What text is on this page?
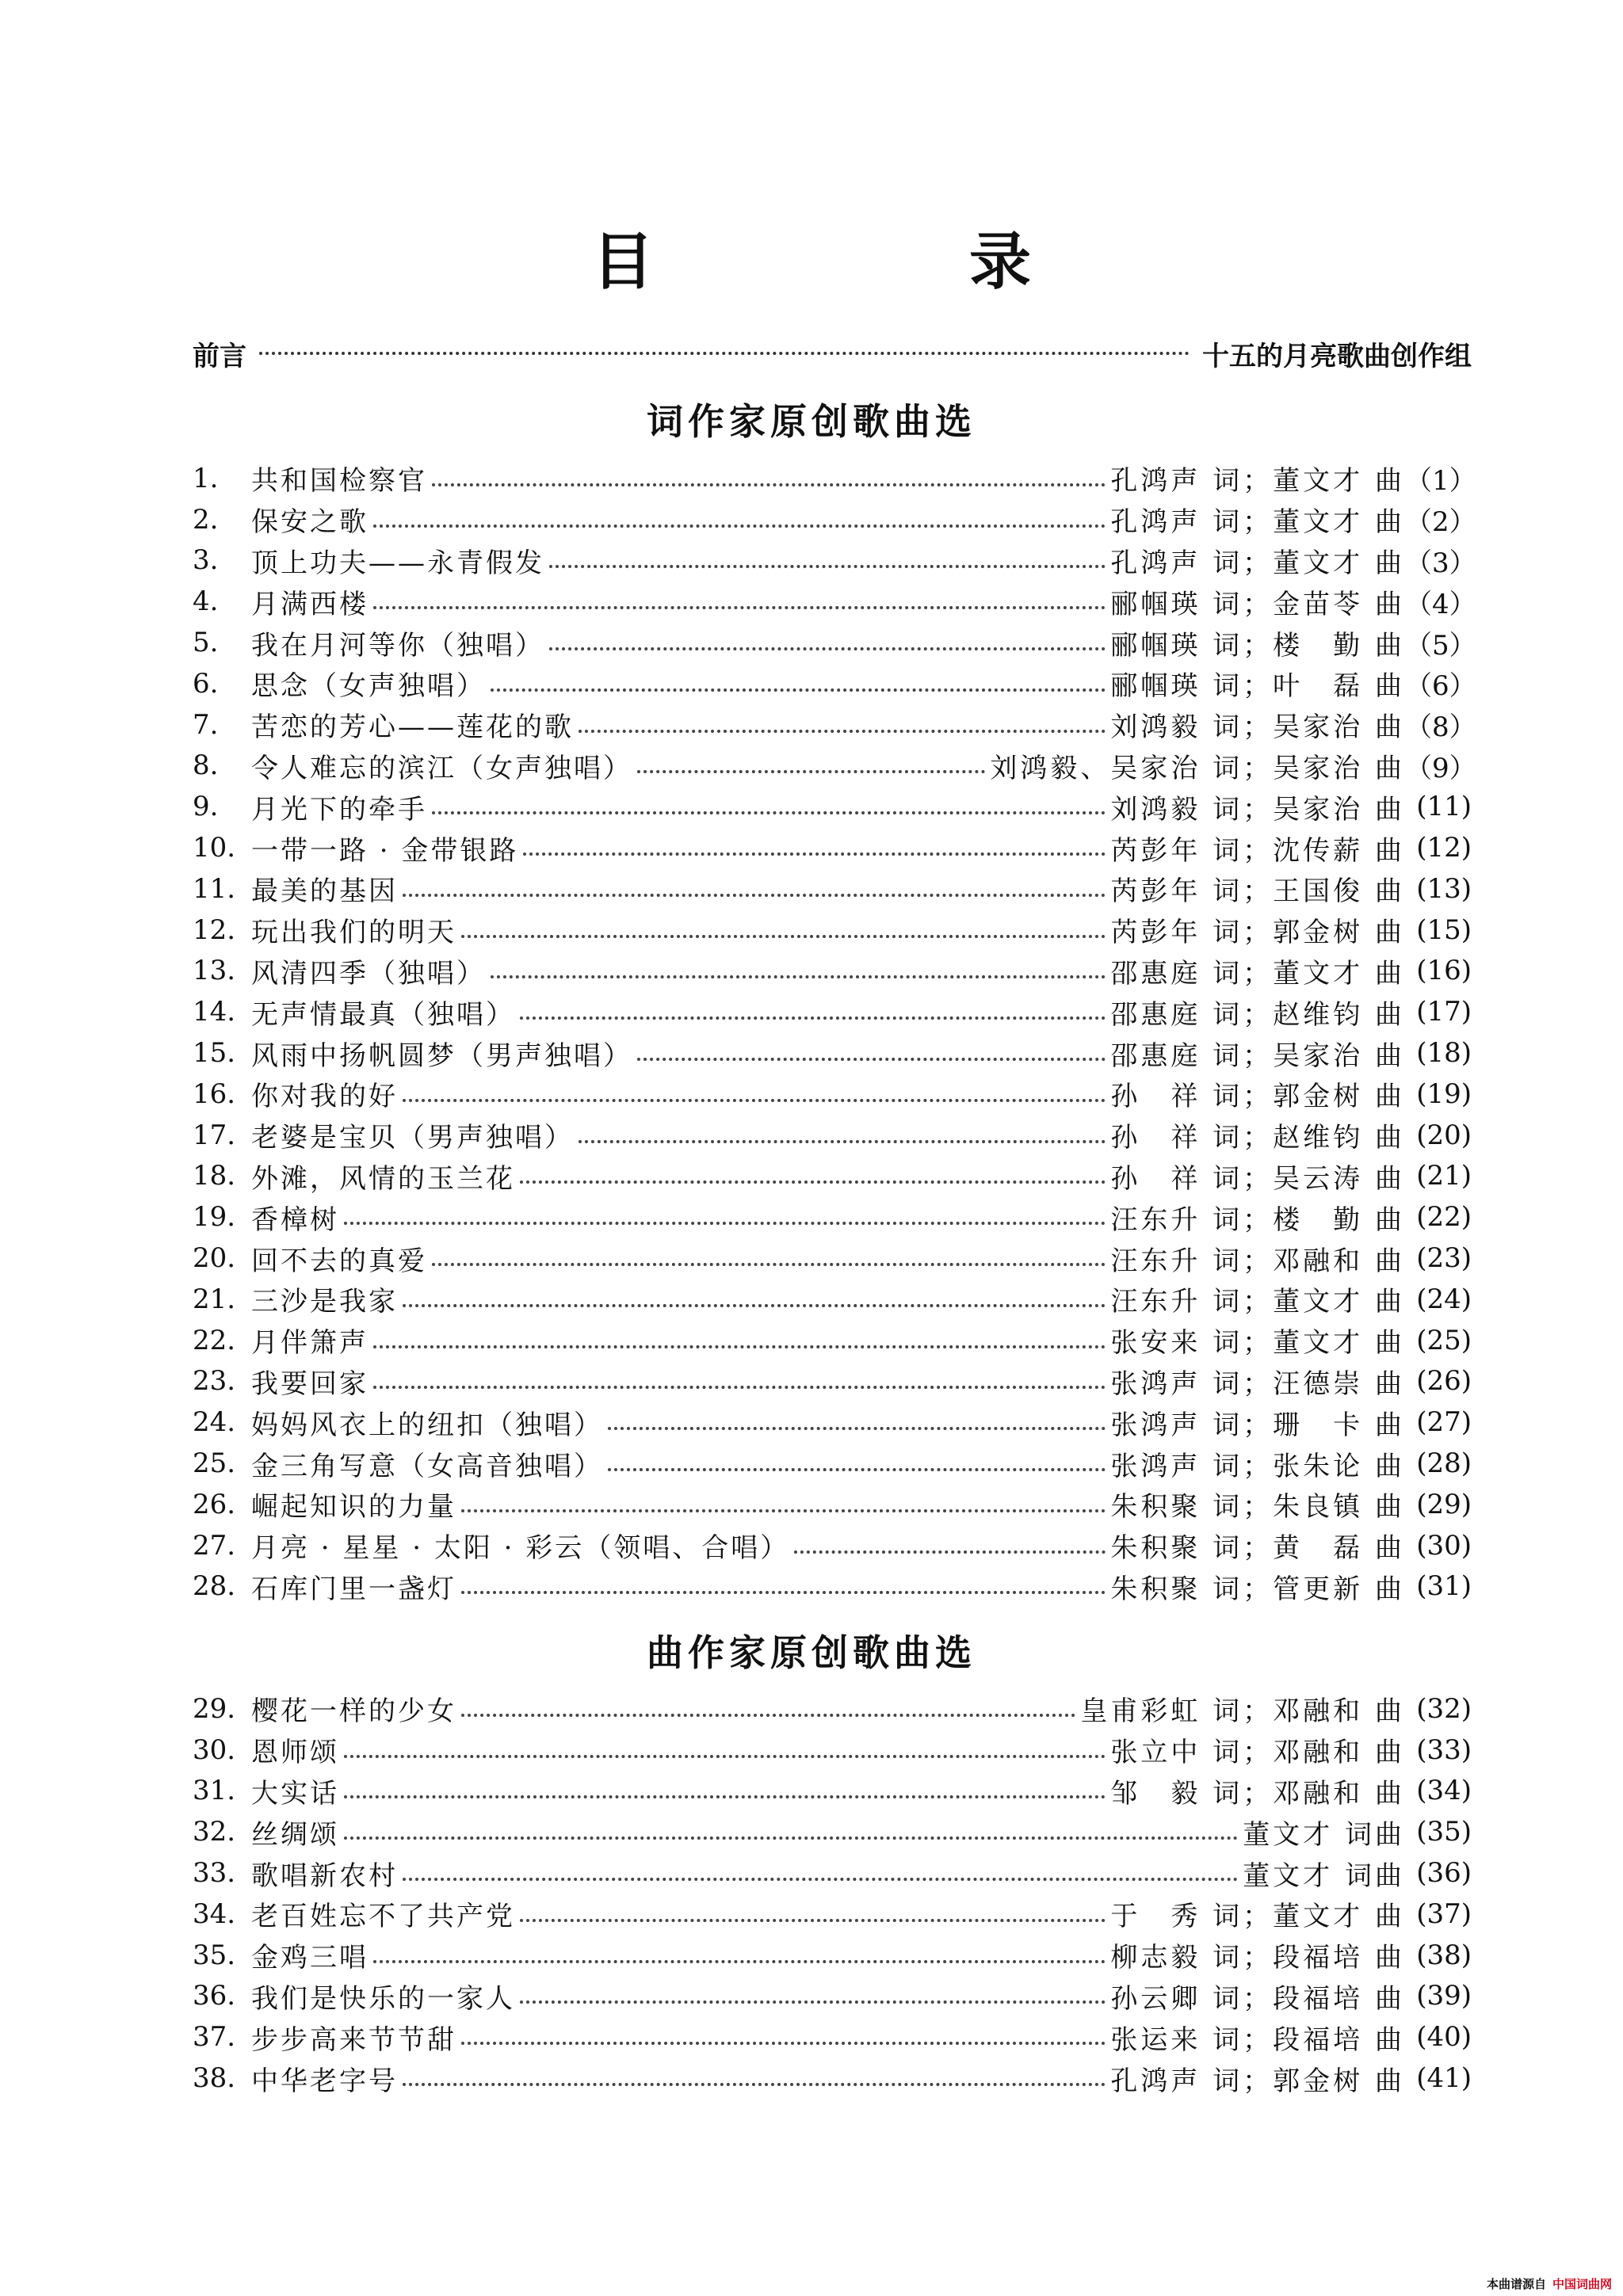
目　录
前言	十五的月亮歌曲创作组
词作家原创歌曲选
1.	共和国检察官	孔鸿声 词；董文才 曲 （1）
2.	保安之歌	孔鸿声 词；董文才 曲 （2）
3.	顶上功夫——永青假发	孔鸿声 词；董文才 曲 （3）
4.	月满西楼	郦帼瑛 词；金苗苓 曲 （4）
5.	我在月河等你（独唱）	郦帼瑛 词；楼　勤 曲 （5）
6.	思念（女声独唱）	郦帼瑛 词；叶　磊 曲 （6）
7.	苦恋的芳心——莲花的歌	刘鸿毅 词；吴家治 曲 （8）
8.	令人难忘的滨江（女声独唱）	刘鸿毅、吴家治 词；吴家治 曲 （9）
9.	月光下的牵手	刘鸿毅 词；吴家治 曲 (11)
10. 一带一路 · 金带银路	芮彭年 词；沈传薪 曲 (12)
11. 最美的基因	芮彭年 词；王国俊 曲 (13)
12. 玩出我们的明天	芮彭年 词；郭金树 曲 (15)
13. 风清四季（独唱）	邵惠庭 词；董文才 曲 (16)
14. 无声情最真（独唱）	邵惠庭 词；赵维钧 曲 (17)
15. 风雨中扬帆圆梦（男声独唱）	邵惠庭 词；吴家治 曲 (18)
16. 你对我的好	孙　祥 词；郭金树 曲 (19)
17. 老婆是宝贝（男声独唱）	孙　祥 词；赵维钧 曲 (20)
18. 外滩，风情的玉兰花	孙　祥 词；吴云涛 曲 (21)
19. 香樟树	汪东升 词；楼　勤 曲 (22)
20. 回不去的真爱	汪东升 词；邓融和 曲 (23)
21. 三沙是我家	汪东升 词；董文才 曲 (24)
22. 月伴箫声	张安来 词；董文才 曲 (25)
23. 我要回家	张鸿声 词；汪德崇 曲 (26)
24. 妈妈风衣上的纽扣（独唱）	张鸿声 词；珊　卡 曲 (27)
25. 金三角写意（女高音独唱）	张鸿声 词；张朱论 曲 (28)
26. 崛起知识的力量	朱积聚 词；朱良镇 曲 (29)
27. 月亮 · 星星 · 太阳 · 彩云（领唱、合唱）	朱积聚 词；黄　磊 曲 (30)
28. 石库门里一盏灯	朱积聚 词；管更新 曲 (31)
曲作家原创歌曲选
29. 樱花一样的少女	皇甫彩虹 词；邓融和 曲 (32)
30. 恩师颂	张立中 词；邓融和 曲 (33)
31. 大实话	邹　毅 词；邓融和 曲 (34)
32. 丝绸颂	董文才 词曲 (35)
33. 歌唱新农村	董文才 词曲 (36)
34. 老百姓忘不了共产党	于　秀 词；董文才 曲 (37)
35. 金鸡三唱	柳志毅 词；段福培 曲 (38)
36. 我们是快乐的一家人	孙云卿 词；段福培 曲 (39)
37. 步步高来节节甜	张运来 词；段福培 曲 (40)
38. 中华老字号	孔鸿声 词；郭金树 曲 (41)
本曲谱源自 中国词曲网
